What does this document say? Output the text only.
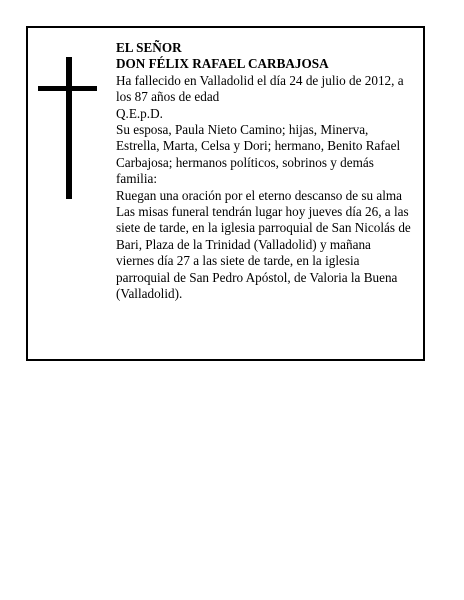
EL SEÑOR
DON FÉLIX RAFAEL CARBAJOSA
Ha fallecido en Valladolid el día 24 de julio de 2012, a
los 87 años de edad
Q.E.p.D.
Su esposa, Paula Nieto Camino; hijas, Minerva,
Estrella, Marta, Celsa y Dori; hermano, Benito Rafael
Carbajosa; hermanos políticos, sobrinos y demás
familia:
Ruegan una oración por el eterno descanso de su alma
Las misas funeral tendrán lugar hoy jueves día 26, a las
siete de tarde, en la iglesia parroquial de San Nicolás de
Bari, Plaza de la Trinidad (Valladolid) y mañana
viernes día 27 a las siete de tarde, en la iglesia
parroquial de San Pedro Apóstol, de Valoria la Buena
(Valladolid).
